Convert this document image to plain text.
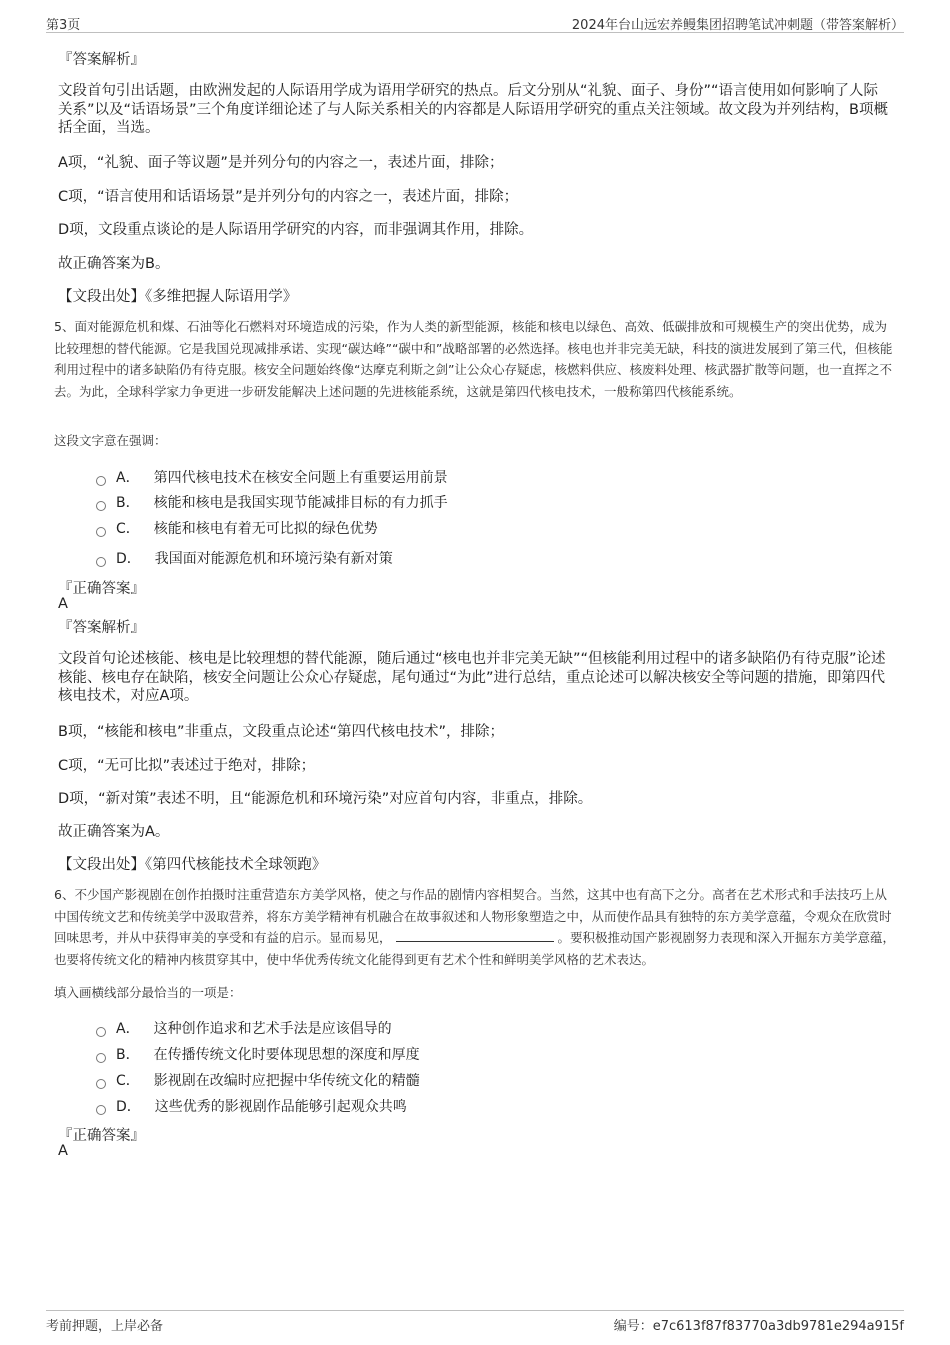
第3页	2024年台山远宏养鳗集团招聘笔试冲刺题（带答案解析）
『答案解析』
文段首句引出话题，由欧洲发起的人际语用学成为语用学研究的热点。后文分别从“礼貌、面子、身份”“语言使用如何影响了人际关系”以及“话语场景”三个角度详细论述了与人际关系相关的内容都是人际语用学研究的重点关注领域。故文段为并列结构，B项概括全面，当选。
A项，“礼貌、面子等议题”是并列分句的内容之一，表述片面，排除；
C项，“语言使用和话语场景”是并列分句的内容之一，表述片面，排除；
D项，文段重点谈论的是人际语用学研究的内容，而非强调其作用，排除。
故正确答案为B。
【文段出处】《多维把握人际语用学》
5、面对能源危机和煤、石油等化石燃料对环境造成的污染，作为人类的新型能源，核能和核电以绿色、高效、低碳排放和可规模生产的突出优势，成为比较理想的替代能源。它是我国兑现减排承诺、实现“碳达峰”“碳中和”战略部署的必然选择。核电也并非完美无缺，科技的演进发展到了第三代，但核能利用过程中的诸多缺陷仍有待克服。核安全问题始终像“达摩克利斯之剑”让公众心存疑虑，核燃料供应、核废料处理、核武器扩散等问题，也一直挥之不去。为此，全球科学家力争更进一步研发能解决上述问题的先进核能系统，这就是第四代核电技术，一般称第四代核能系统。
这段文字意在强调：
A． 第四代核电技术在核安全问题上有重要运用前景
B． 核能和核电是我国实现节能减排目标的有力抓手
C． 核能和核电有着无可比拟的绿色优势
D． 我国面对能源危机和环境污染有新对策
『正确答案』
A
『答案解析』
文段首句论述核能、核电是比较理想的替代能源，随后通过“核电也并非完美无缺”“但核能利用过程中的诸多缺陷仍有待克服”论述核能、核电存在缺陷，核安全问题让公众心存疑虑，尾句通过“为此”进行总结，重点论述可以解决核安全等问题的措施，即第四代核电技术，对应A项。
B项，“核能和核电”非重点，文段重点论述“第四代核电技术”，排除；
C项，“无可比拟”表述过于绝对，排除；
D项，“新对策”表述不明，且“能源危机和环境污染”对应首句内容，非重点，排除。
故正确答案为A。
【文段出处】《第四代核能技术全球领跑》
6、不少国产影视剧在创作拍摄时注重营造东方美学风格，使之与作品的剧情内容相契合。当然，这其中也有高下之分。高者在艺术形式和手法技巧上从中国传统文艺和传统美学中汲取营养，将东方美学精神有机融合在故事叙述和人物形象塑造之中，从而使作品具有独特的东方美学意蕴，令观众在欣赏时回味思考，并从中获得审美的享受和有益的启示。显而易见，	。要积极推动国产影视剧努力表现和深入开掘东方美学意蕴，也要将传统文化的精神内核贯穿其中，使中华优秀传统文化能得到更有艺术个性和鲜明美学风格的艺术表达。
填入画横线部分最恰当的一项是：
A． 这种创作追求和艺术手法是应该倡导的
B． 在传播传统文化时要体现思想的深度和厚度
C． 影视剧在改编时应把握中华传统文化的精髓
D． 这些优秀的影视剧作品能够引起观众共鸣
『正确答案』
A
考前押题，上岸必备	编号：e7c613f87f83770a3db9781e294a915f
